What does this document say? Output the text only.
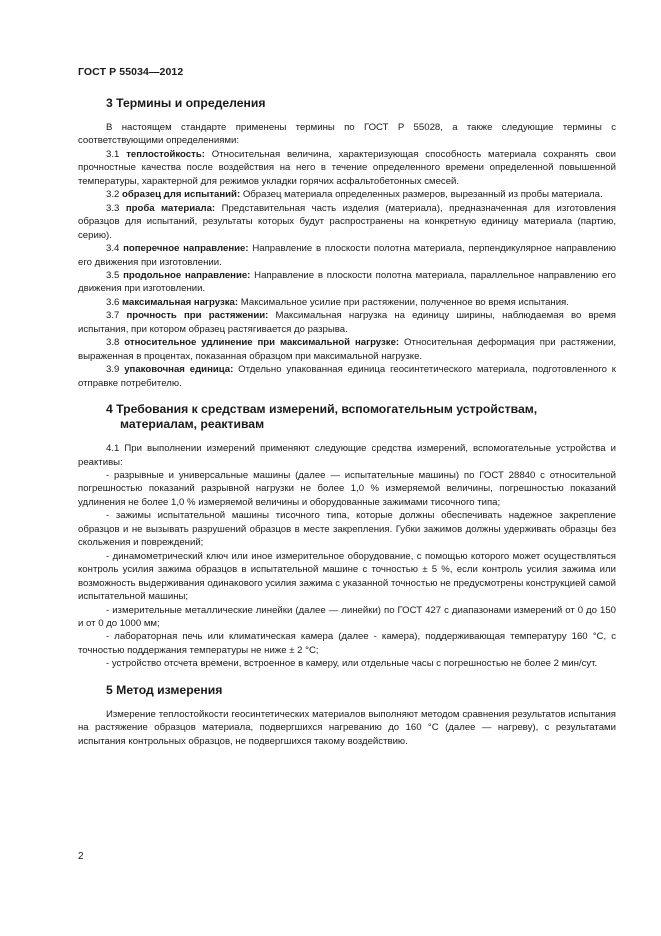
ГОСТ Р 55034—2012
3 Термины и определения

В настоящем стандарте применены термины по ГОСТ Р 55028, а также следующие термины с соответствующими определениями:

3.1 теплостойкость: Относительная величина, характеризующая способность материала сохранять свои прочностные качества после воздействия на него в течение определенного времени определенной повышенной температуры, характерной для режимов укладки горячих асфальтобетонных смесей.

3.2 образец для испытаний: Образец материала определенных размеров, вырезанный из пробы материала.

3.3 проба материала: Представительная часть изделия (материала), предназначенная для изготовления образцов для испытаний, результаты которых будут распространены на конкретную единицу материала (партию, серию).

3.4 поперечное направление: Направление в плоскости полотна материала, перпендикулярное направлению его движения при изготовлении.

3.5 продольное направление: Направление в плоскости полотна материала, параллельное направлению его движения при изготовлении.

3.6 максимальная нагрузка: Максимальное усилие при растяжении, полученное во время испытания.

3.7 прочность при растяжении: Максимальная нагрузка на единицу ширины, наблюдаемая во время испытания, при котором образец растягивается до разрыва.

3.8 относительное удлинение при максимальной нагрузке: Относительная деформация при растяжении, выраженная в процентах, показанная образцом при максимальной нагрузке.

3.9 упаковочная единица: Отдельно упакованная единица геосинтетического материала, подготовленного к отправке потребителю.

4 Требования к средствам измерений, вспомогательным устройствам, материалам, реактивам

4.1 При выполнении измерений применяют следующие средства измерений, вспомогательные устройства и реактивы:

- разрывные и универсальные машины (далее — испытательные машины) по ГОСТ 28840 с относительной погрешностью показаний разрывной нагрузки не более 1,0 % измеряемой величины, погрешностью показаний удлинения не более 1,0 % измеряемой величины и оборудованные зажимами тисочного типа;

- зажимы испытательной машины тисочного типа, которые должны обеспечивать надежное закрепление образцов и не вызывать разрушений образцов в месте закрепления. Губки зажимов должны удерживать образцы без скольжения и повреждений;

- динамометрический ключ или иное измерительное оборудование, с помощью которого может осуществляться контроль усилия зажима образцов в испытательной машине с точностью ± 5 %, если контроль усилия зажима или возможность выдерживания одинакового усилия зажима с указанной точностью не предусмотрены конструкцией самой испытательной машины;

- измерительные металлические линейки (далее — линейки) по ГОСТ 427 с диапазонами измерений от 0 до 150 и от 0 до 1000 мм;

- лабораторная печь или климатическая камера (далее - камера), поддерживающая температуру 160 °С, с точностью поддержания температуры не ниже ± 2 °С;

- устройство отсчета времени, встроенное в камеру, или отдельные часы с погрешностью не более 2 мин/сут.

5 Метод измерения

Измерение теплостойкости геосинтетических материалов выполняют методом сравнения результатов испытания на растяжение образцов материала, подвергшихся нагреванию до 160 °С (далее — нагреву), с результатами испытания контрольных образцов, не подвергшихся такому воздействию.

2
